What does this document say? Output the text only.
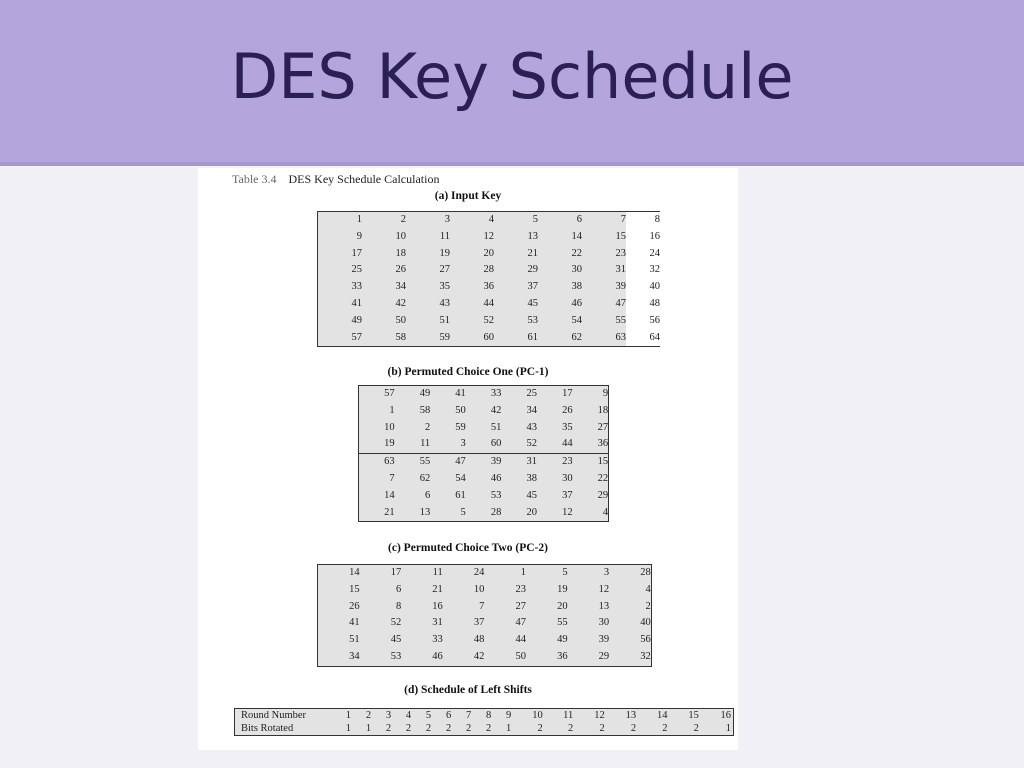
DES Key Schedule
Table 3.4 DES Key Schedule Calculation
(a) Input Key
1	2	3	4	5	6	7	8
9	10	11	12	13	14	15	16
17	18	19	20	21	22	23	24
25	26	27	28	29	30	31	32
33	34	35	36	37	38	39	40
41	42	43	44	45	46	47	48
49	50	51	52	53	54	55	56
57	58	59	60	61	62	63	64
(b) Permuted Choice One (PC-1)
57	49	41	33	25	17	9
1	58	50	42	34	26	18
10	2	59	51	43	35	27
19	11	3	60	52	44	36
63	55	47	39	31	23	15
7	62	54	46	38	30	22
14	6	61	53	45	37	29
21	13	5	28	20	12	4
(c) Permuted Choice Two (PC-2)
14	17	11	24	1	5	3	28
15	6	21	10	23	19	12	4
26	8	16	7	27	20	13	2
41	52	31	37	47	55	30	40
51	45	33	48	44	49	39	56
34	53	46	42	50	36	29	32
(d) Schedule of Left Shifts
Round Number	1	2	3	4	5	6	7	8	9	10	11	12	13	14	15	16
Bits Rotated	1	1	2	2	2	2	2	2	1	2	2	2	2	2	2	1
